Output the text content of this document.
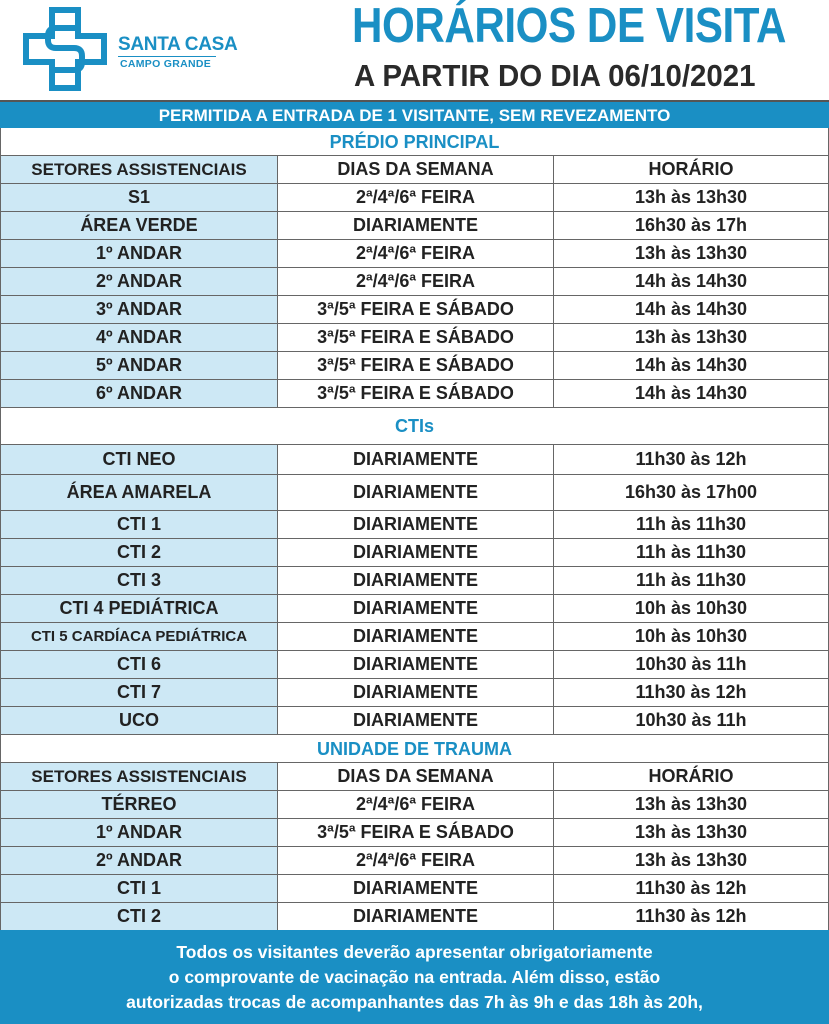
SANTA CASA
CAMPO GRANDE
HORÁRIOS DE VISITA
A PARTIR DO DIA 06/10/2021
PERMITIDA A ENTRADA DE 1 VISITANTE, SEM REVEZAMENTO
PRÉDIO PRINCIPAL
SETORES ASSISTENCIAIS	DIAS DA SEMANA	HORÁRIO
S1	2ª/4ª/6ª FEIRA	13h às 13h30
ÁREA VERDE	DIARIAMENTE	16h30 às 17h
1º ANDAR	2ª/4ª/6ª FEIRA	13h às 13h30
2º ANDAR	2ª/4ª/6ª FEIRA	14h às 14h30
3º ANDAR	3ª/5ª FEIRA E SÁBADO	14h às 14h30
4º ANDAR	3ª/5ª FEIRA E SÁBADO	13h às 13h30
5º ANDAR	3ª/5ª FEIRA E SÁBADO	14h às 14h30
6º ANDAR	3ª/5ª FEIRA E SÁBADO	14h às 14h30
CTIs
CTI NEO	DIARIAMENTE	11h30 às 12h
ÁREA AMARELA	DIARIAMENTE	16h30 às 17h00
CTI 1	DIARIAMENTE	11h às 11h30
CTI 2	DIARIAMENTE	11h às 11h30
CTI 3	DIARIAMENTE	11h às 11h30
CTI 4 PEDIÁTRICA	DIARIAMENTE	10h às 10h30
CTI 5 CARDÍACA PEDIÁTRICA	DIARIAMENTE	10h às 10h30
CTI 6	DIARIAMENTE	10h30 às 11h
CTI 7	DIARIAMENTE	11h30 às 12h
UCO	DIARIAMENTE	10h30 às 11h
UNIDADE DE TRAUMA
SETORES ASSISTENCIAIS	DIAS DA SEMANA	HORÁRIO
TÉRREO	2ª/4ª/6ª FEIRA	13h às 13h30
1º ANDAR	3ª/5ª FEIRA E SÁBADO	13h às 13h30
2º ANDAR	2ª/4ª/6ª FEIRA	13h às 13h30
CTI 1	DIARIAMENTE	11h30 às 12h
CTI 2	DIARIAMENTE	11h30 às 12h
Todos os visitantes deverão apresentar obrigatoriamente
o comprovante de vacinação na entrada. Além disso, estão
autorizadas trocas de acompanhantes das 7h às 9h e das 18h às 20h,
